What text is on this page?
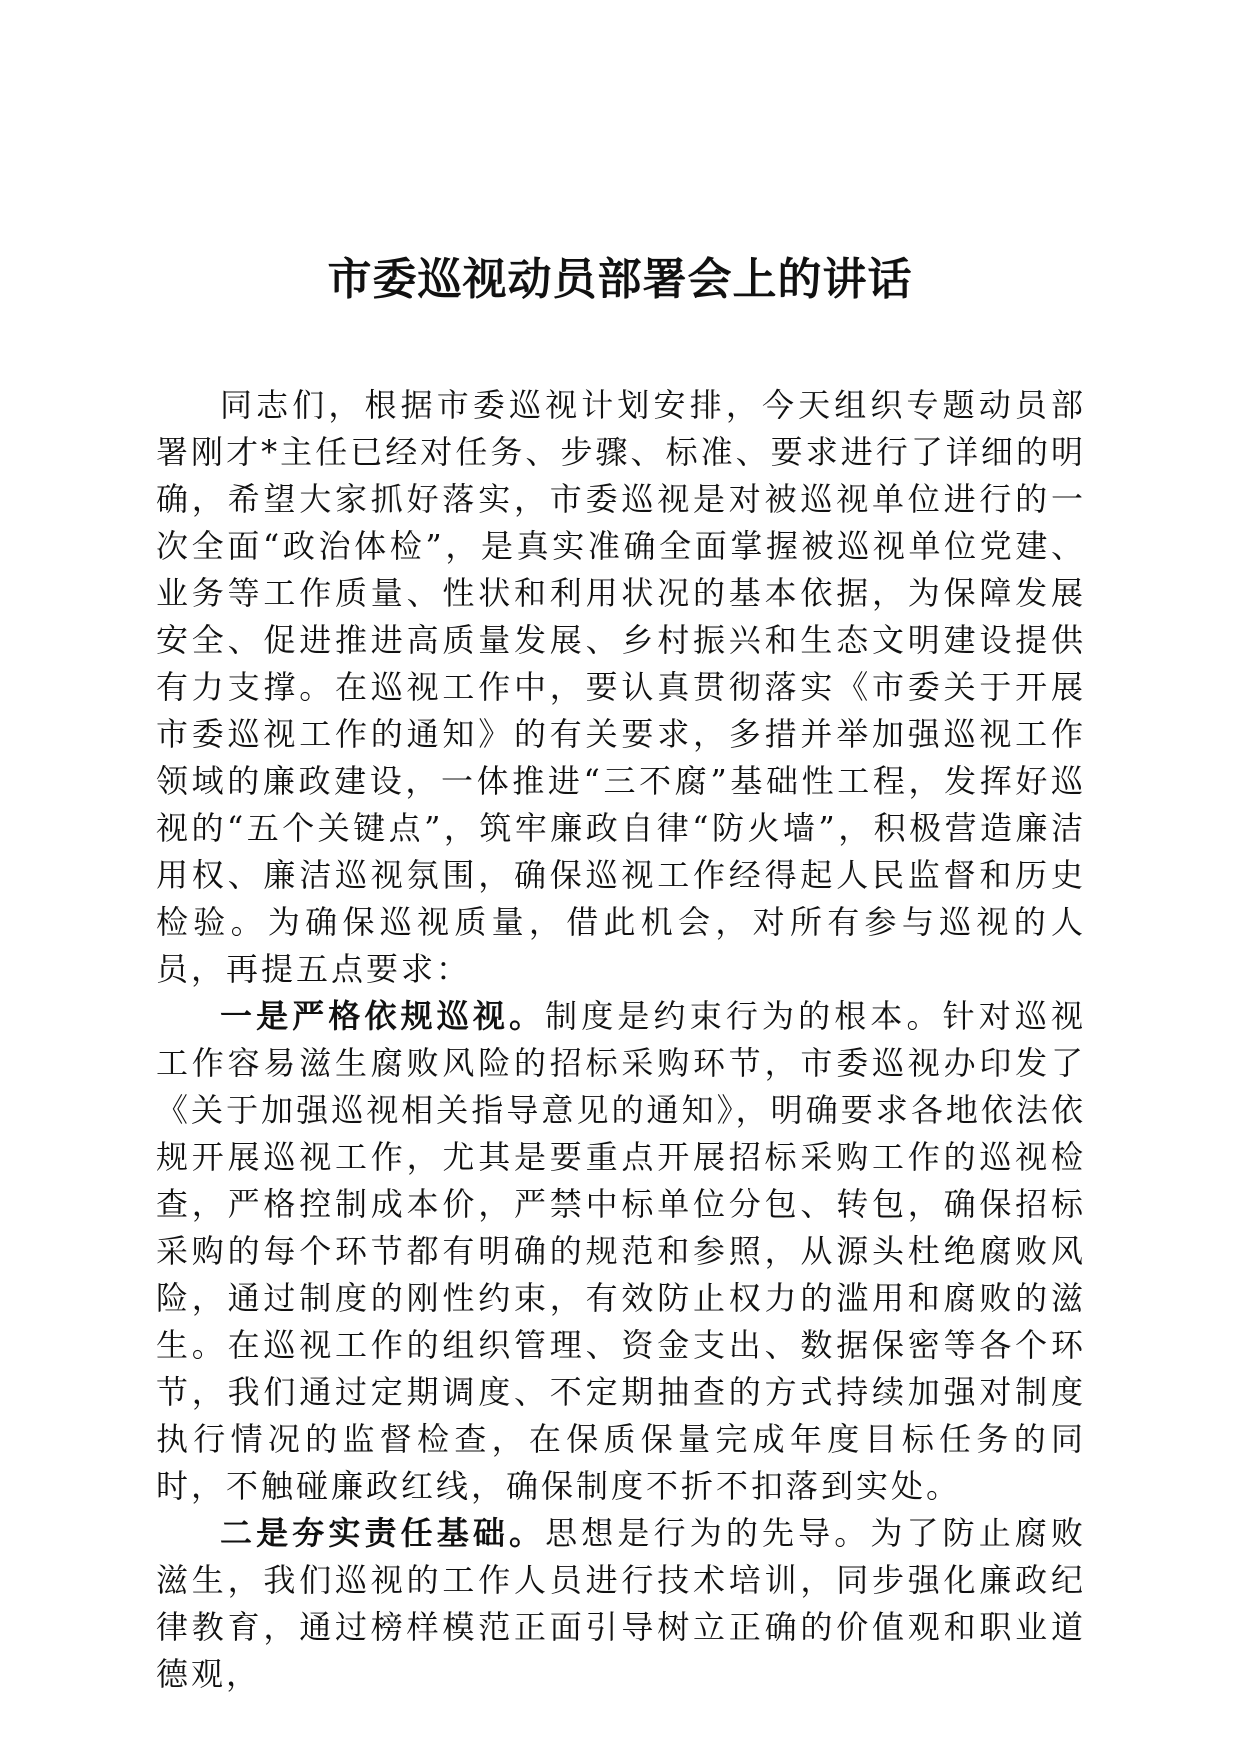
市委巡视动员部署会上的讲话

同志们，根据市委巡视计划安排，今天组织专题动员部署刚才*主任已经对任务、步骤、标准、要求进行了详细的明确，希望大家抓好落实，市委巡视是对被巡视单位进行的一次全面“政治体检”，是真实准确全面掌握被巡视单位党建、业务等工作质量、性状和利用状况的基本依据，为保障发展安全、促进推进高质量发展、乡村振兴和生态文明建设提供有力支撑。在巡视工作中，要认真贯彻落实《市委关于开展市委巡视工作的通知》的有关要求，多措并举加强巡视工作领域的廉政建设，一体推进“三不腐”基础性工程，发挥好巡视的“五个关键点”，筑牢廉政自律“防火墙”，积极营造廉洁用权、廉洁巡视氛围，确保巡视工作经得起人民监督和历史检验。为确保巡视质量，借此机会，对所有参与巡视的人员，再提五点要求：

一是严格依规巡视。制度是约束行为的根本。针对巡视工作容易滋生腐败风险的招标采购环节，市委巡视办印发了《关于加强巡视相关指导意见的通知》，明确要求各地依法依规开展巡视工作，尤其是要重点开展招标采购工作的巡视检查，严格控制成本价，严禁中标单位分包、转包，确保招标采购的每个环节都有明确的规范和参照，从源头杜绝腐败风险，通过制度的刚性约束，有效防止权力的滥用和腐败的滋生。在巡视工作的组织管理、资金支出、数据保密等各个环节，我们通过定期调度、不定期抽查的方式持续加强对制度执行情况的监督检查，在保质保量完成年度目标任务的同时，不触碰廉政红线，确保制度不折不扣落到实处。

二是夯实责任基础。思想是行为的先导。为了防止腐败滋生，我们巡视的工作人员进行技术培训，同步强化廉政纪律教育，通过榜样模范正面引导树立正确的价值观和职业道德观，
